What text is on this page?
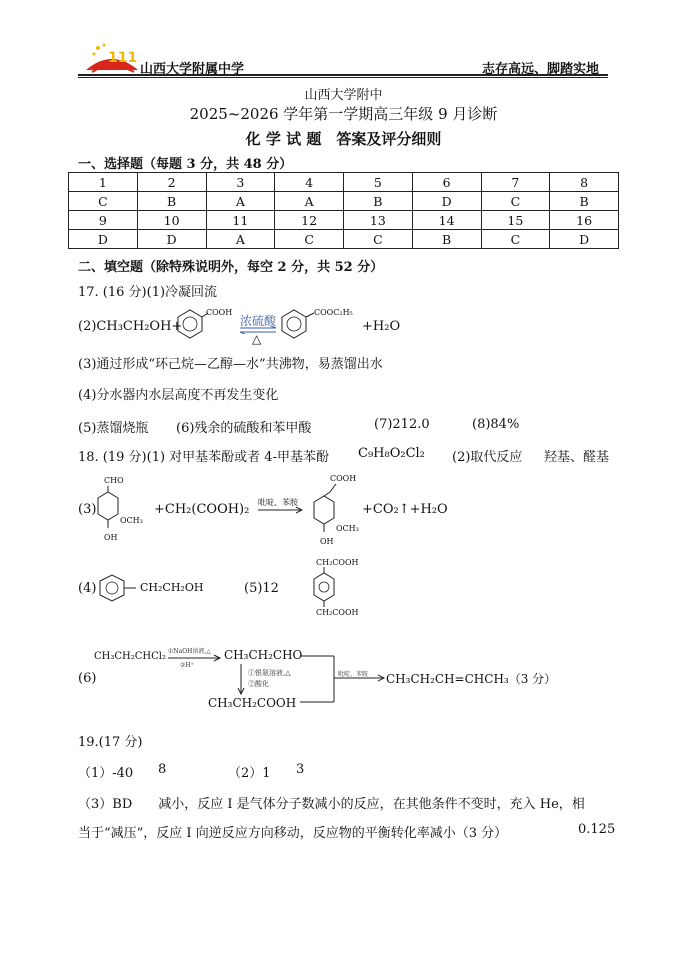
111
山西大学附属中学	志存高远、脚踏实地
山西大学附中
2025~2026 学年第一学期高三年级 9 月诊断
化 学 试 题　答案及评分细则
一、选择题（每题 3 分，共 48 分）
1	2	3	4	5	6	7	8
C	B	A	A	B	D	C	B
9	10	11	12	13	14	15	16
D	D	A	C	C	B	C	D
二、填空题（除特殊说明外，每空 2 分，共 52 分）
17. (16 分)(1)冷凝回流
(2)CH₃CH₂OH+
COOH
浓硫酸
△
COOC₂H₅
+H₂O
(3)通过形成“环己烷—乙醇—水”共沸物，易蒸馏出水
(4)分水器内水层高度不再发生变化
(5)蒸馏烧瓶 (6)残余的硫酸和苯甲酸	(7)212.0	(8)84%
18. (19 分)(1) 对甲基苯酚或者 4-甲基苯酚 C₉H₈O₂Cl₂ (2)取代反应 羟基、醛基
(3)
CHO
OCH₃
OH
+CH₂(COOH)₂ 吡啶、苯胺
COOH
OCH₃
OH
+CO₂↑+H₂O
(4)	CH₂CH₂OH	(5)12
CH₂COOH
CH₂COOH
(6)
CH₃CH₂CHCl₂ ①NaOH溶液,△
②H⁺
CH₃CH₂CHO
①银氨溶液,△
②酸化
CH₃CH₂COOH
吡啶、苯胺 CH₃CH₂CH=CHCH₃（3 分）
19.(17 分)
（1）-40 8	（2）1 3
（3）BD　　减小，反应 I 是气体分子数减小的反应，在其他条件不变时，充入 He，相
当于“减压”，反应 I 向逆反应方向移动，反应物的平衡转化率减小（3 分）	0.125
